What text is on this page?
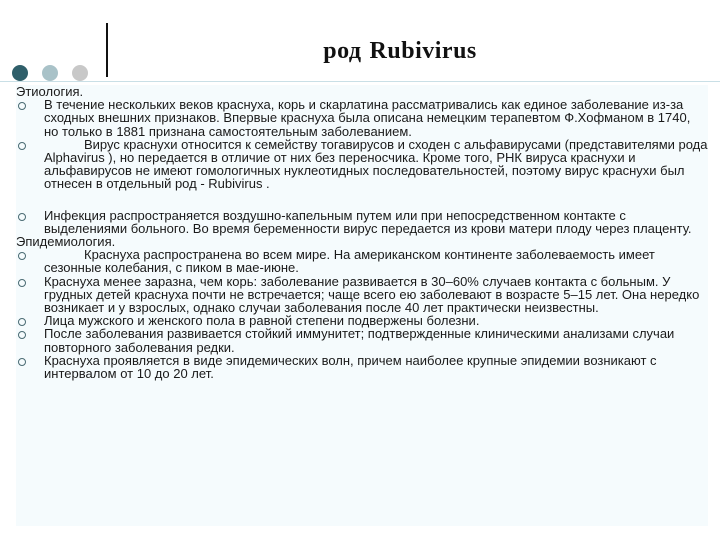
род Rubivirus

Этиология.

В течение нескольких веков краснуха, корь и скарлатина рассматривались как единое заболевание из-за сходных внешних признаков. Впервые краснуха была описана немецким терапевтом Ф.Хофманом в 1740, но только в 1881 признана самостоятельным заболеванием.

Вирус краснухи относится к семейству тогавирусов и сходен с альфавирусами (представителями рода Alphavirus ), но передается в отличие от них без переносчика. Кроме того, РНК вируса краснухи и альфавирусов не имеют гомологичных нуклеотидных последовательностей, поэтому вирус краснухи был отнесен в отдельный род - Rubivirus .

Инфекция распространяется воздушно-капельным путем или при непосредственном контакте с выделениями больного. Во время беременности вирус передается из крови матери плоду через плаценту.

Эпидемиология.

Краснуха распространена во всем мире. На американском континенте заболеваемость имеет сезонные колебания, с пиком в мае-июне.

Краснуха менее заразна, чем корь: заболевание развивается в 30–60% случаев контакта с больным. У грудных детей краснуха почти не встречается; чаще всего ею заболевают в возрасте 5–15 лет. Она нередко возникает и у взрослых, однако случаи заболевания после 40 лет практически неизвестны.

Лица мужского и женского пола в равной степени подвержены болезни.

После заболевания развивается стойкий иммунитет; подтвержденные клиническими анализами случаи повторного заболевания редки.

Краснуха проявляется в виде эпидемических волн, причем наиболее крупные эпидемии возникают с интервалом от 10 до 20 лет.
